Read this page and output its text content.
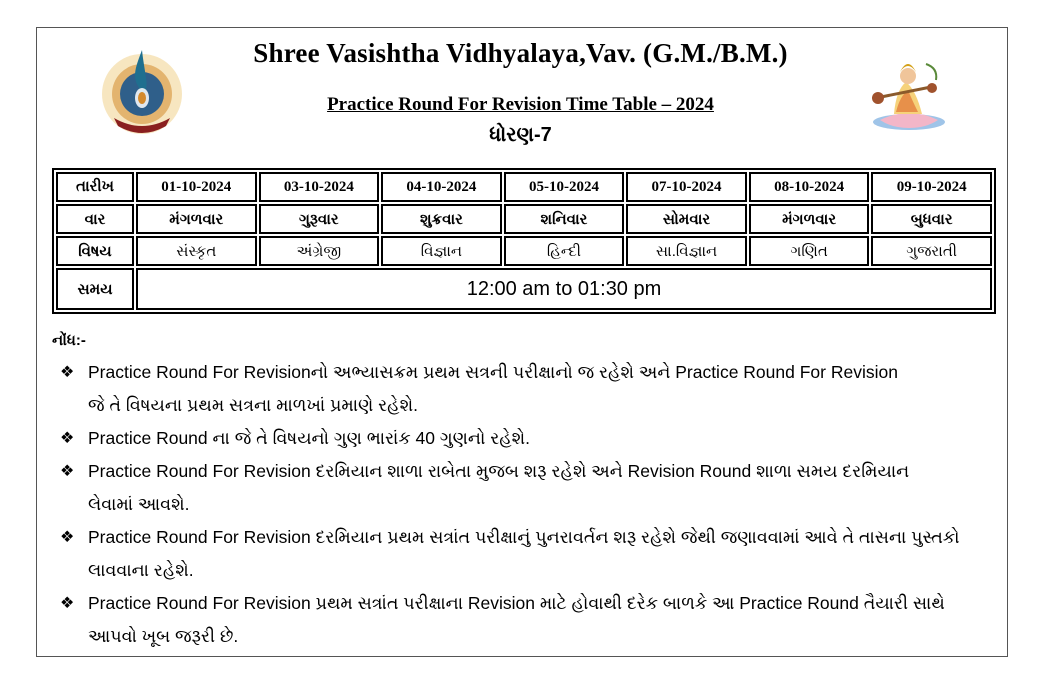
Shree Vasishtha Vidhyalaya,Vav. (G.M./B.M.)
Practice Round For Revision Time Table – 2024
ધોરણ-7
તારીખ	01-10-2024	03-10-2024	04-10-2024	05-10-2024	07-10-2024	08-10-2024	09-10-2024
વાર	મંગળવાર	ગુરૂવાર	શુક્રવાર	શનિવાર	સોમવાર	મંગળવાર	બુધવાર
વિષય	સંસ્કૃત	અંગ્રેજી	વિજ્ઞાન	હિન્દી	સા.વિજ્ઞાન	ગણિત	ગુજરાતી
સમય	12:00 am to 01:30 pm						
નોંધ:-
❖ Practice Round For Revisionનો અભ્યાસક્રમ પ્રથમ સત્રની પરીક્ષાનો જ રહેશે અને Practice Round For Revision
જે તે વિષયના પ્રથમ સત્રના માળખાં પ્રમાણે રહેશે.
❖ Practice Round ના જે તે વિષયનો ગુણ ભારાંક 40 ગુણનો રહેશે.
❖ Practice Round For Revision દરમિયાન શાળા રાબેતા મુજબ શરૂ રહેશે અને Revision Round શાળા સમય દરમિયાન
લેવામાં આવશે.
❖ Practice Round For Revision દરમિયાન પ્રથમ સત્રાંત પરીક્ષાનું પુનરાવર્તન શરૂ રહેશે જેથી જણાવવામાં આવે તે તાસના પુસ્તકો
લાવવાના રહેશે.
❖ Practice Round For Revision પ્રથમ સત્રાંત પરીક્ષાના Revision માટે હોવાથી દરેક બાળકે આ Practice Round તૈયારી સાથે
આપવો ખૂબ જરૂરી છે.
